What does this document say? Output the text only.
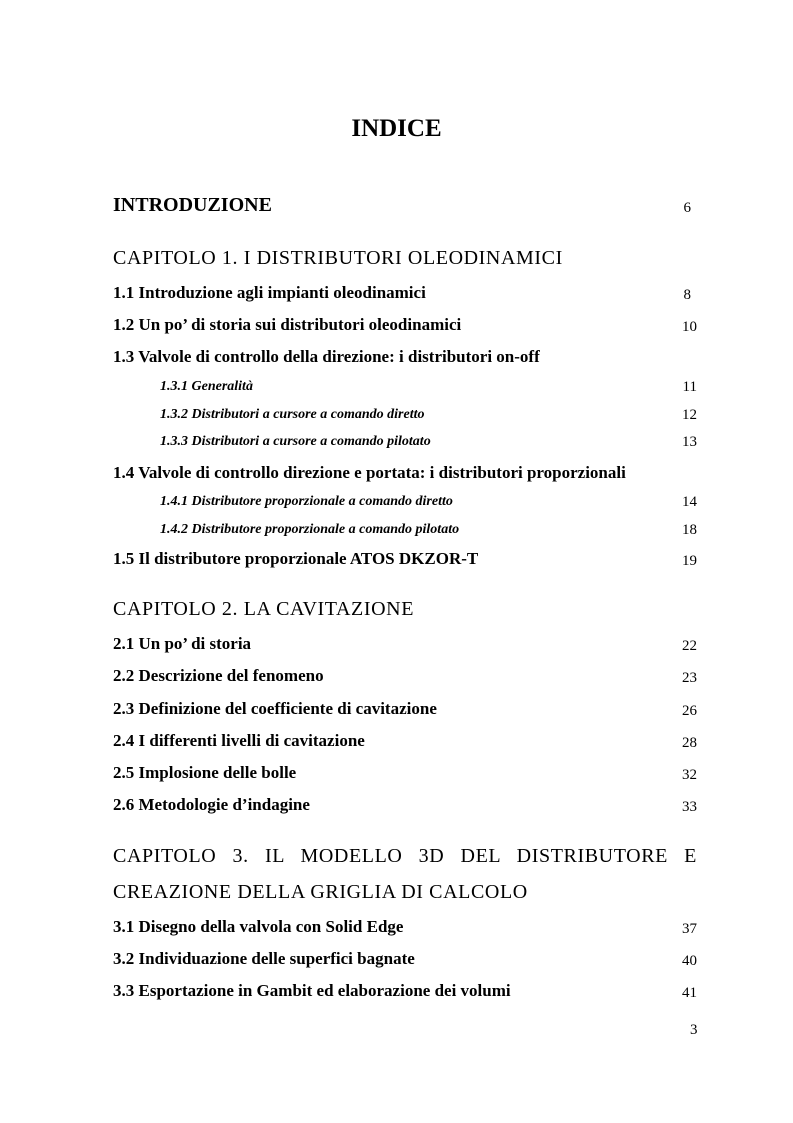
INDICE
INTRODUZIONE	6
CAPITOLO 1. I DISTRIBUTORI OLEODINAMICI
1.1 Introduzione agli impianti oleodinamici	8
1.2 Un po’ di storia sui distributori oleodinamici	10
1.3 Valvole di controllo della direzione: i distributori on-off
1.3.1 Generalità	11
1.3.2 Distributori a cursore a comando diretto	12
1.3.3 Distributori a cursore a comando pilotato	13
1.4 Valvole di controllo direzione e portata: i distributori proporzionali
1.4.1 Distributore proporzionale a comando diretto	14
1.4.2 Distributore proporzionale a comando pilotato	18
1.5 Il distributore proporzionale ATOS DKZOR-T	19
CAPITOLO 2. LA CAVITAZIONE
2.1 Un po’ di storia	22
2.2 Descrizione del fenomeno	23
2.3 Definizione del coefficiente di cavitazione	26
2.4 I differenti livelli di cavitazione	28
2.5 Implosione delle bolle	32
2.6 Metodologie d’indagine	33
CAPITOLO 3. IL MODELLO 3D DEL DISTRIBUTORE E
CREAZIONE DELLA GRIGLIA DI CALCOLO
3.1 Disegno della valvola con Solid Edge	37
3.2 Individuazione delle superfici bagnate	40
3.3 Esportazione in Gambit ed elaborazione dei volumi	41
3
